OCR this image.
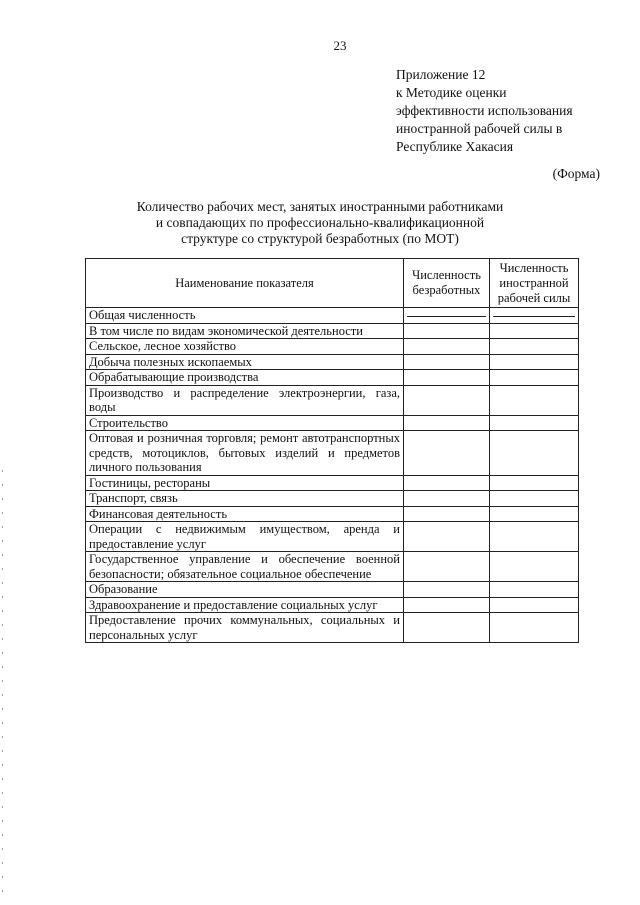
23
Приложение 12
к Методике оценки
эффективности использования
иностранной рабочей силы в
Республике Хакасия
(Форма)
Количество рабочих мест, занятых иностранными работниками
и совпадающих по профессионально-квалификационной
структуре со структурой безработных (по МОТ)
Наименование показателя	Численность безработных	Численность иностранной рабочей силы
Общая численность	

В том числе по видам экономической деятельности		
Сельское, лесное хозяйство		
Добыча полезных ископаемых		
Обрабатывающие производства		
Производство и распределение электроэнергии, газа, воды		
Строительство		
Оптовая и розничная торговля; ремонт автотранспортных средств, мотоциклов, бытовых изделий и предметов личного пользования		
Гостиницы, рестораны		
Транспорт, связь		
Финансовая деятельность		
Операции с недвижимым имуществом, аренда и предоставление услуг		
Государственное управление и обеспечение военной безопасности; обязательное социальное обеспечение		
Образование		
Здравоохранение и предоставление социальных услуг		
Предоставление прочих коммунальных, социальных и персональных услуг		
